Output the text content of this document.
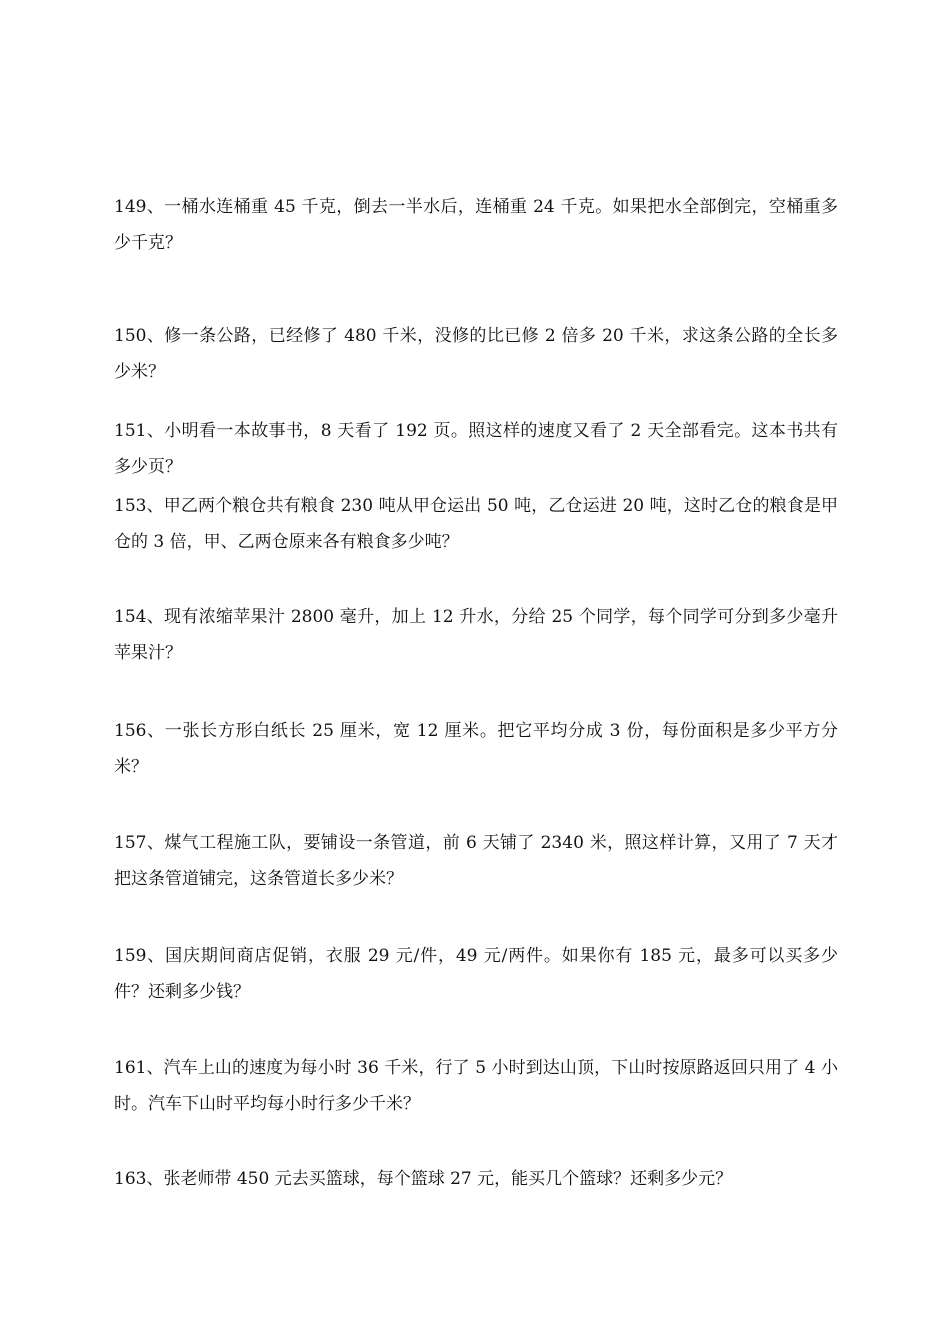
149、一桶水连桶重 45 千克，倒去一半水后，连桶重 24 千克。如果把水全部倒完，空桶重多少千克？

150、修一条公路，已经修了 480 千米，没修的比已修 2 倍多 20 千米，求这条公路的全长多少米？

151、小明看一本故事书，8 天看了 192 页。照这样的速度又看了 2 天全部看完。这本书共有多少页？

153、甲乙两个粮仓共有粮食 230 吨从甲仓运出 50 吨，乙仓运进 20 吨，这时乙仓的粮食是甲仓的 3 倍，甲、乙两仓原来各有粮食多少吨？

154、现有浓缩苹果汁 2800 毫升，加上 12 升水，分给 25 个同学，每个同学可分到多少毫升苹果汁？

156、一张长方形白纸长 25 厘米，宽 12 厘米。把它平均分成 3 份，每份面积是多少平方分米？

157、煤气工程施工队，要铺设一条管道，前 6 天铺了 2340 米，照这样计算，又用了 7 天才把这条管道铺完，这条管道长多少米？

159、国庆期间商店促销，衣服 29 元/件，49 元/两件。如果你有 185 元，最多可以买多少件？还剩多少钱？

161、汽车上山的速度为每小时 36 千米，行了 5 小时到达山顶，下山时按原路返回只用了 4 小时。汽车下山时平均每小时行多少千米？

163、张老师带 450 元去买篮球，每个篮球 27 元，能买几个篮球？还剩多少元？
